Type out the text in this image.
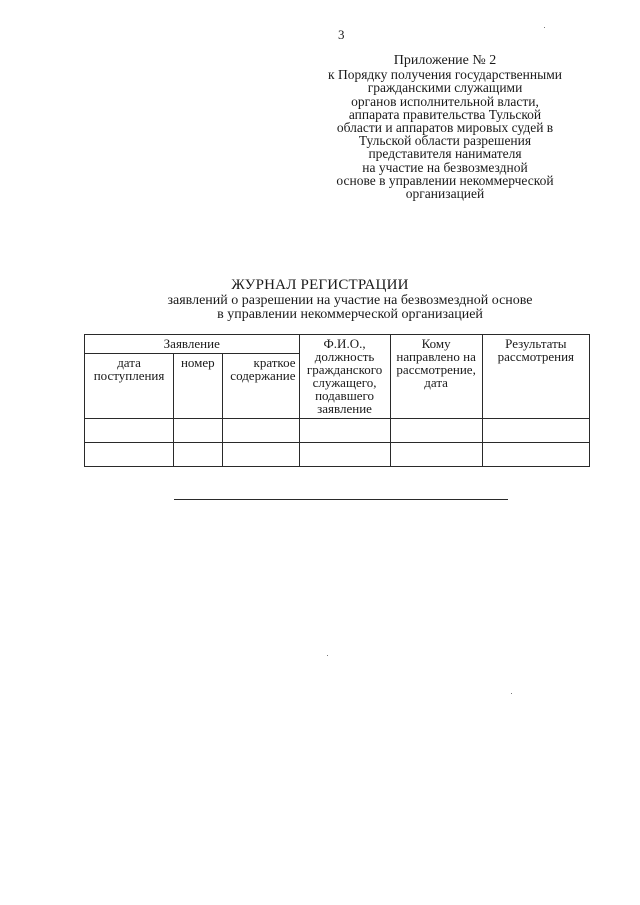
3
Приложение № 2
к Порядку получения государственными
гражданскими служащими
органов исполнительной власти,
аппарата правительства Тульской
области и аппаратов мировых судей в
Тульской области разрешения
представителя нанимателя
на участие на безвозмездной
основе в управлении некоммерческой
организацией
ЖУРНАЛ РЕГИСТРАЦИИ
заявлений о разрешении на участие на безвозмездной основе
в управлении некоммерческой организацией
Заявление			Ф.И.О., должность гражданского служащего, подавшего заявление	Кому направлено на рассмотрение, дата	Результаты рассмотрения
дата поступления	номер	краткое содержание			
